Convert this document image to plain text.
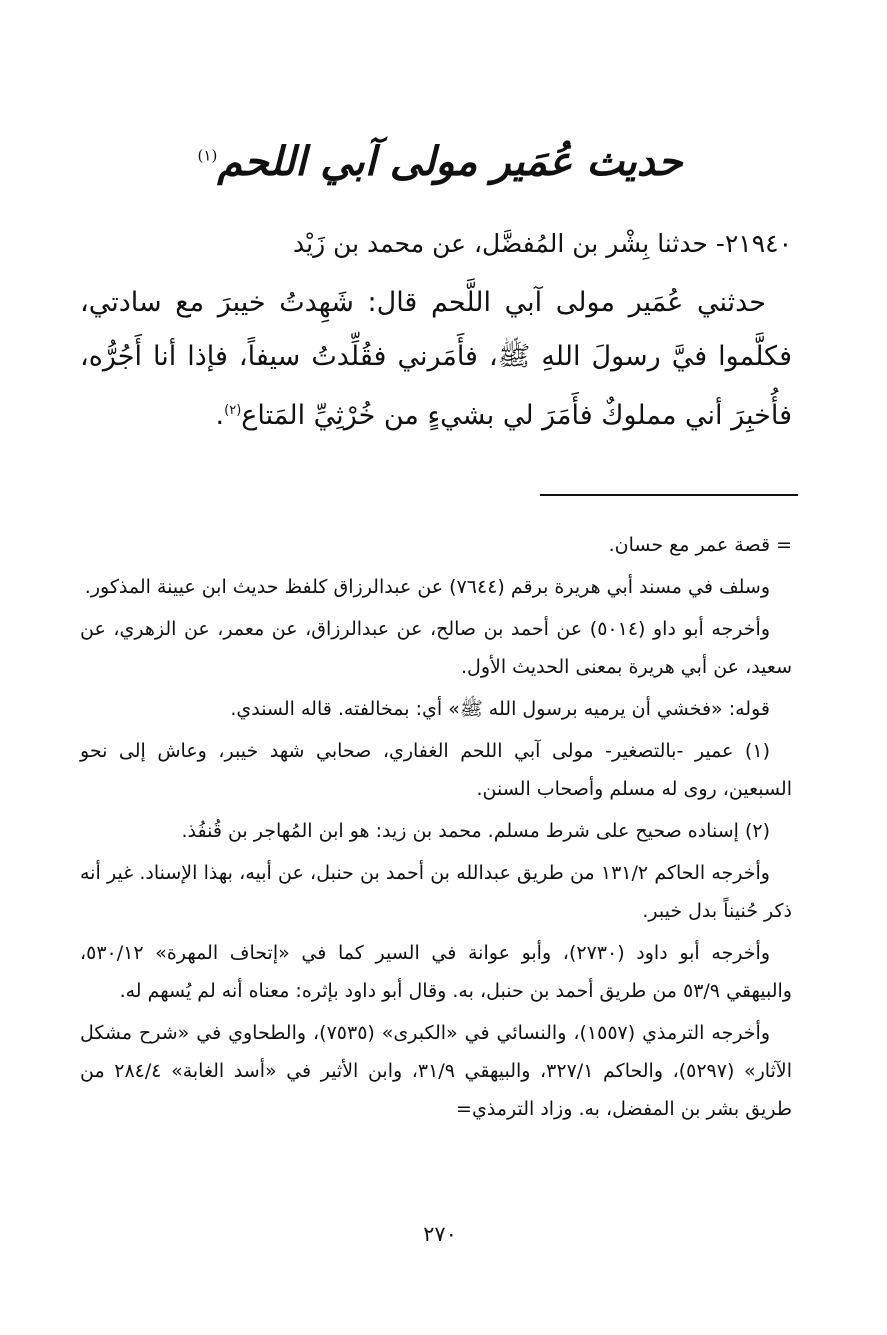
حديث عُمَير مولى آبي اللحم$^{(١)}$

٢١٩٤٠- حدثنا بِشْر بن المُفضَّل، عن محمد بن زَيْد

حدثني عُمَير مولى آبي اللَّحم قال: شَهِدتُ خيبرَ مع سادتي، فكلَّموا فيَّ رسولَ اللهِ ﷺ، فأَمَرني فقُلِّدتُ سيفاً، فإذا أنا أَجُرُّه، فأُخبِرَ أني مملوكٌ فأَمَرَ لي بشيءٍ من خُرْثِيِّ المَتاع$^{(٢)}$.

= قصة عمر مع حسان.

وسلف في مسند أبي هريرة برقم (٧٦٤٤) عن عبدالرزاق كلفظ حديث ابن عيينة المذكور.

وأخرجه أبو داو (٥٠١٤) عن أحمد بن صالح، عن عبدالرزاق، عن معمر، عن الزهري، عن سعيد، عن أبي هريرة بمعنى الحديث الأول.

قوله: «فخشي أن يرميه برسول الله ﷺ» أي: بمخالفته. قاله السندي.

(١) عمير -بالتصغير- مولى آبي اللحم الغفاري، صحابي شهد خيبر، وعاش إلى نحو السبعين، روى له مسلم وأصحاب السنن.

(٢) إسناده صحيح على شرط مسلم. محمد بن زيد: هو ابن المُهاجر بن قُنفُذ.

وأخرجه الحاكم ١٣١/٢ من طريق عبدالله بن أحمد بن حنبل، عن أبيه، بهذا الإسناد. غير أنه ذكر حُنيناً بدل خيبر.

وأخرجه أبو داود (٢٧٣٠)، وأبو عوانة في السير كما في «إتحاف المهرة» ٥٣٠/١٢، والبيهقي ٥٣/٩ من طريق أحمد بن حنبل، به. وقال أبو داود بإثره: معناه أنه لم يُسهم له.

وأخرجه الترمذي (١٥٥٧)، والنسائي في «الكبرى» (٧٥٣٥)، والطحاوي في «شرح مشكل الآثار» (٥٢٩٧)، والحاكم ٣٢٧/١، والبيهقي ٣١/٩، وابن الأثير في «أسد الغابة» ٢٨٤/٤ من طريق بشر بن المفضل، به. وزاد الترمذي=

٢٧٠
